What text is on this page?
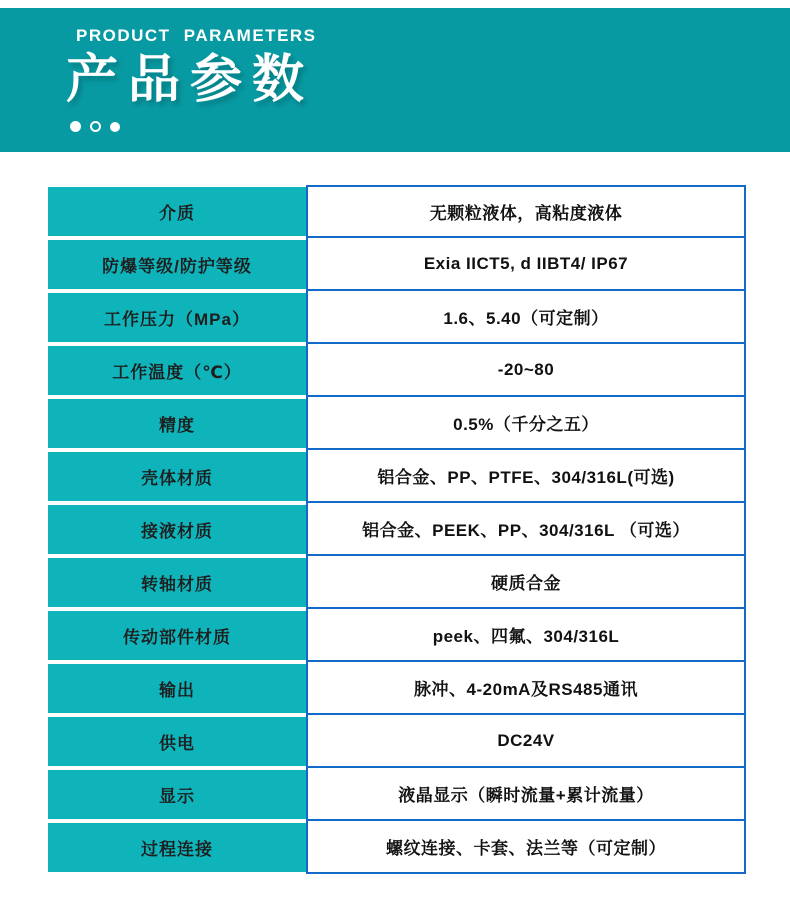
PRODUCT PARAMETERS
产品参数
介质	无颗粒液体，高粘度液体
防爆等级/防护等级	Exia IICT5, d IIBT4/ IP67
工作压力（MPa）	1.6、5.40（可定制）
工作温度（℃）	-20~80
精度	0.5%（千分之五）
壳体材质	铝合金、PP、PTFE、304/316L(可选)
接液材质	铝合金、PEEK、PP、304/316L （可选）
转轴材质	硬质合金
传动部件材质	peek、四氟、304/316L
输出	脉冲、4-20mA及RS485通讯
供电	DC24V
显示	液晶显示（瞬时流量+累计流量）
过程连接	螺纹连接、卡套、法兰等（可定制）
